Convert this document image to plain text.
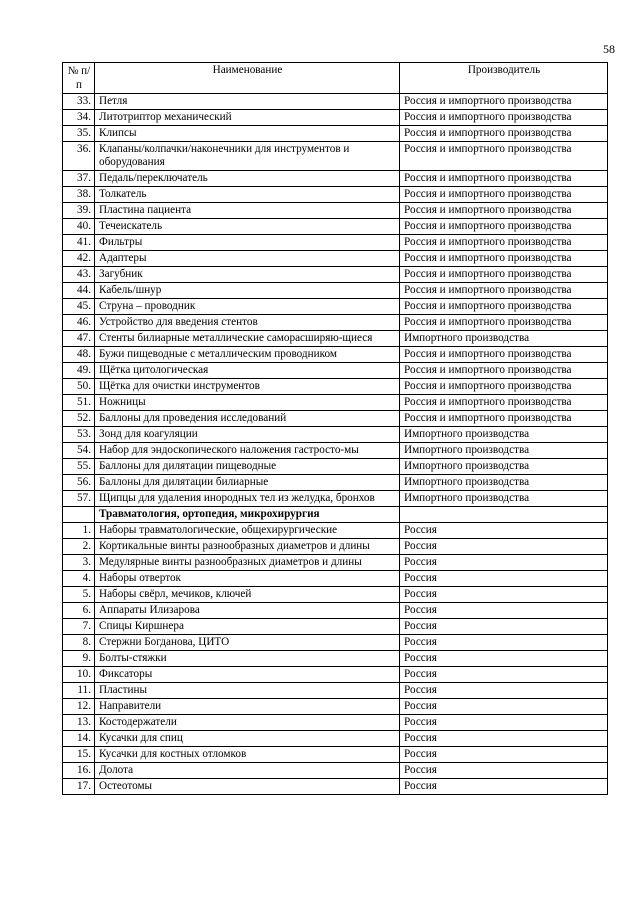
58
№ п/п	Наименование	Производитель
33.	Петля	Россия и импортного производства
34.	Литотриптор механический	Россия и импортного производства
35.	Клипсы	Россия и импортного производства
36.	Клапаны/колпачки/наконечники для инструментов и оборудования	Россия и импортного производства
37.	Педаль/переключатель	Россия и импортного производства
38.	Толкатель	Россия и импортного производства
39.	Пластина пациента	Россия и импортного производства
40.	Течеискатель	Россия и импортного производства
41.	Фильтры	Россия и импортного производства
42.	Адаптеры	Россия и импортного производства
43.	Загубник	Россия и импортного производства
44.	Кабель/шнур	Россия и импортного производства
45.	Струна – проводник	Россия и импортного производства
46.	Устройство для введения стентов	Россия и импортного производства
47.	Стенты билиарные металлические саморасширяю-щиеся	Импортного производства
48.	Бужи пищеводные с металлическим проводником	Россия и импортного производства
49.	Щётка цитологическая	Россия и импортного производства
50.	Щётка для очистки инструментов	Россия и импортного производства
51.	Ножницы	Россия и импортного производства
52.	Баллоны для проведения исследований	Россия и импортного производства
53.	Зонд для коагуляции	Импортного производства
54.	Набор для эндоскопического наложения гастросто-мы	Импортного производства
55.	Баллоны для дилятации пищеводные	Импортного производства
56.	Баллоны для дилятации билиарные	Импортного производства
57.	Щипцы для удаления инородных тел из желудка, бронхов	Импортного производства
	Травматология, ортопедия, микрохирургия	
1.	Наборы травматологические, общехирургические	Россия
2.	Кортикальные винты разнообразных диаметров и длины	Россия
3.	Медулярные винты разнообразных диаметров и длины	Россия
4.	Наборы отверток	Россия
5.	Наборы свёрл, мечиков, ключей	Россия
6.	Аппараты Илизарова	Россия
7.	Спицы Киршнера	Россия
8.	Стержни Богданова, ЦИТО	Россия
9.	Болты-стяжки	Россия
10.	Фиксаторы	Россия
11.	Пластины	Россия
12.	Направители	Россия
13.	Костодержатели	Россия
14.	Кусачки для спиц	Россия
15.	Кусачки для костных отломков	Россия
16.	Долота	Россия
17.	Остеотомы	Россия
